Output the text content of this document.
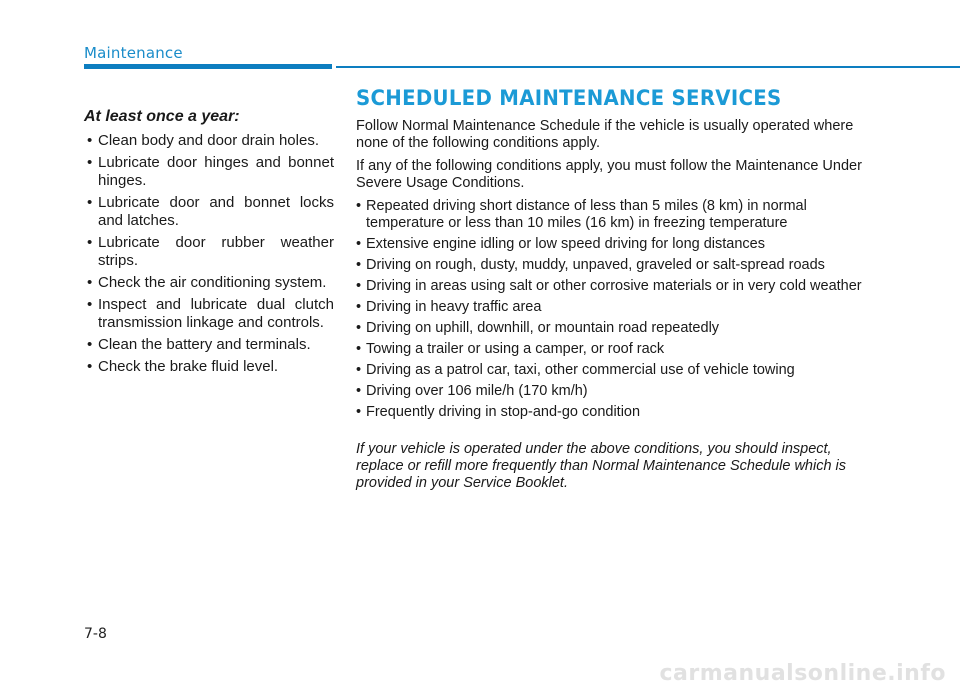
Maintenance
At least once a year:
• Clean body and door drain holes.
• Lubricate door hinges and bonnet hinges.
• Lubricate door and bonnet locks and latches.
• Lubricate door rubber weather strips.
• Check the air conditioning system.
• Inspect and lubricate dual clutch transmission linkage and controls.
• Clean the battery and terminals.
• Check the brake fluid level.
SCHEDULED MAINTENANCE SERVICES

Follow Normal Maintenance Schedule if the vehicle is usually operated where none of the following conditions apply.

If any of the following conditions apply, you must follow the Maintenance Under Severe Usage Conditions.

• Repeated driving short distance of less than 5 miles (8 km) in normal temperature or less than 10 miles (16 km) in freezing temperature
• Extensive engine idling or low speed driving for long distances
• Driving on rough, dusty, muddy, unpaved, graveled or salt-spread roads
• Driving in areas using salt or other corrosive materials or in very cold weather
• Driving in heavy traffic area
• Driving on uphill, downhill, or mountain road repeatedly
• Towing a trailer or using a camper, or roof rack
• Driving as a patrol car, taxi, other commercial use of vehicle towing
• Driving over 106 mile/h (170 km/h)
• Frequently driving in stop-and-go condition

If your vehicle is operated under the above conditions, you should inspect, replace or refill more frequently than Normal Maintenance Schedule which is provided in your Service Booklet.

7-8
carmanualsonline.info
